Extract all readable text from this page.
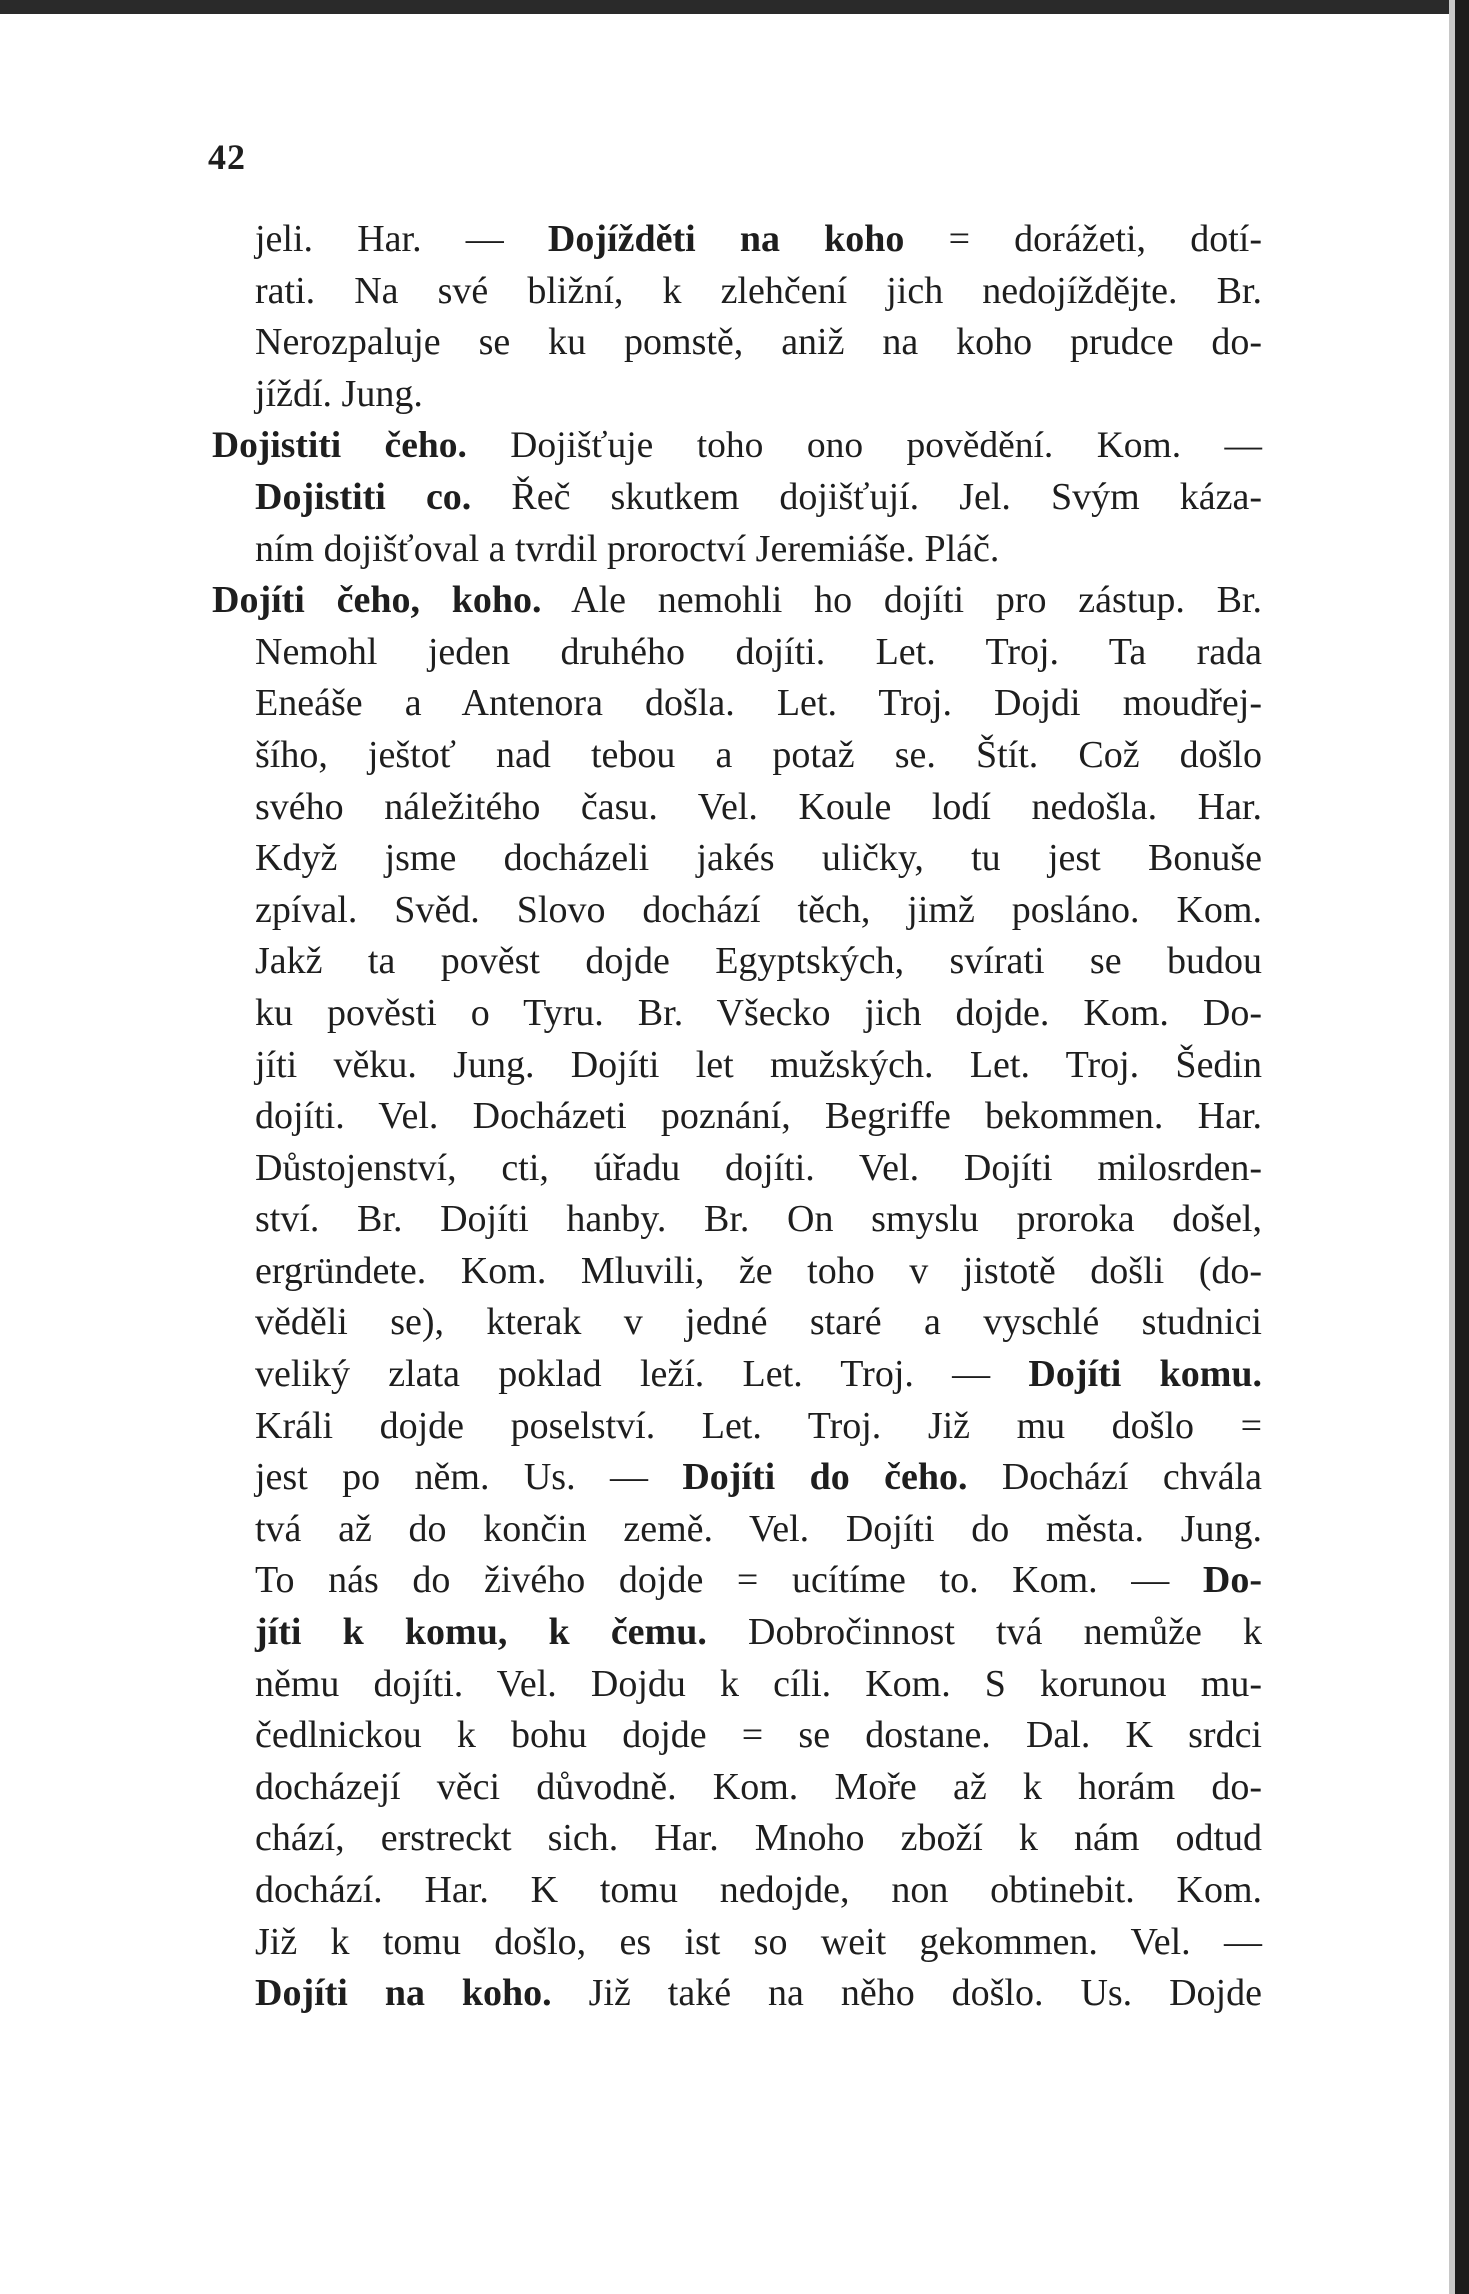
42
jeli. Har. — Dojížděti na koho = dorážeti, dotí-
rati. Na své bližní, k zlehčení jich nedojíždějte. Br.
Nerozpaluje se ku pomstě, aniž na koho prudce do-
jíždí. Jung.
Dojistiti čeho. Dojišťuje toho ono povědění. Kom. —
Dojistiti co. Řeč skutkem dojišťují. Jel. Svým káza-
ním dojišťoval a tvrdil proroctví Jeremiáše. Pláč.
Dojíti čeho, koho. Ale nemohli ho dojíti pro zástup. Br.
Nemohl jeden druhého dojíti. Let. Troj. Ta rada
Eneáše a Antenora došla. Let. Troj. Dojdi moudřej-
šího, ještoť nad tebou a potaž se. Štít. Což došlo
svého náležitého času. Vel. Koule lodí nedošla. Har.
Když jsme docházeli jakés uličky, tu jest Bonuše
zpíval. Svěd. Slovo dochází těch, jimž posláno. Kom.
Jakž ta pověst dojde Egyptských, svírati se budou
ku pověsti o Tyru. Br. Všecko jich dojde. Kom. Do-
jíti věku. Jung. Dojíti let mužských. Let. Troj. Šedin
dojíti. Vel. Docházeti poznání, Begriffe bekommen. Har.
Důstojenství, cti, úřadu dojíti. Vel. Dojíti milosrden-
ství. Br. Dojíti hanby. Br. On smyslu proroka došel,
ergründete. Kom. Mluvili, že toho v jistotě došli (do-
věděli se), kterak v jedné staré a vyschlé studnici
veliký zlata poklad leží. Let. Troj. — Dojíti komu.
Králi dojde poselství. Let. Troj. Již mu došlo =
jest po něm. Us. — Dojíti do čeho. Dochází chvála
tvá až do končin země. Vel. Dojíti do města. Jung.
To nás do živého dojde = ucítíme to. Kom. — Do-
jíti k komu, k čemu. Dobročinnost tvá nemůže k
němu dojíti. Vel. Dojdu k cíli. Kom. S korunou mu-
čedlnickou k bohu dojde = se dostane. Dal. K srdci
docházejí věci důvodně. Kom. Moře až k horám do-
chází, erstreckt sich. Har. Mnoho zboží k nám odtud
dochází. Har. K tomu nedojde, non obtinebit. Kom.
Již k tomu došlo, es ist so weit gekommen. Vel. —
Dojíti na koho. Již také na něho došlo. Us. Dojde
